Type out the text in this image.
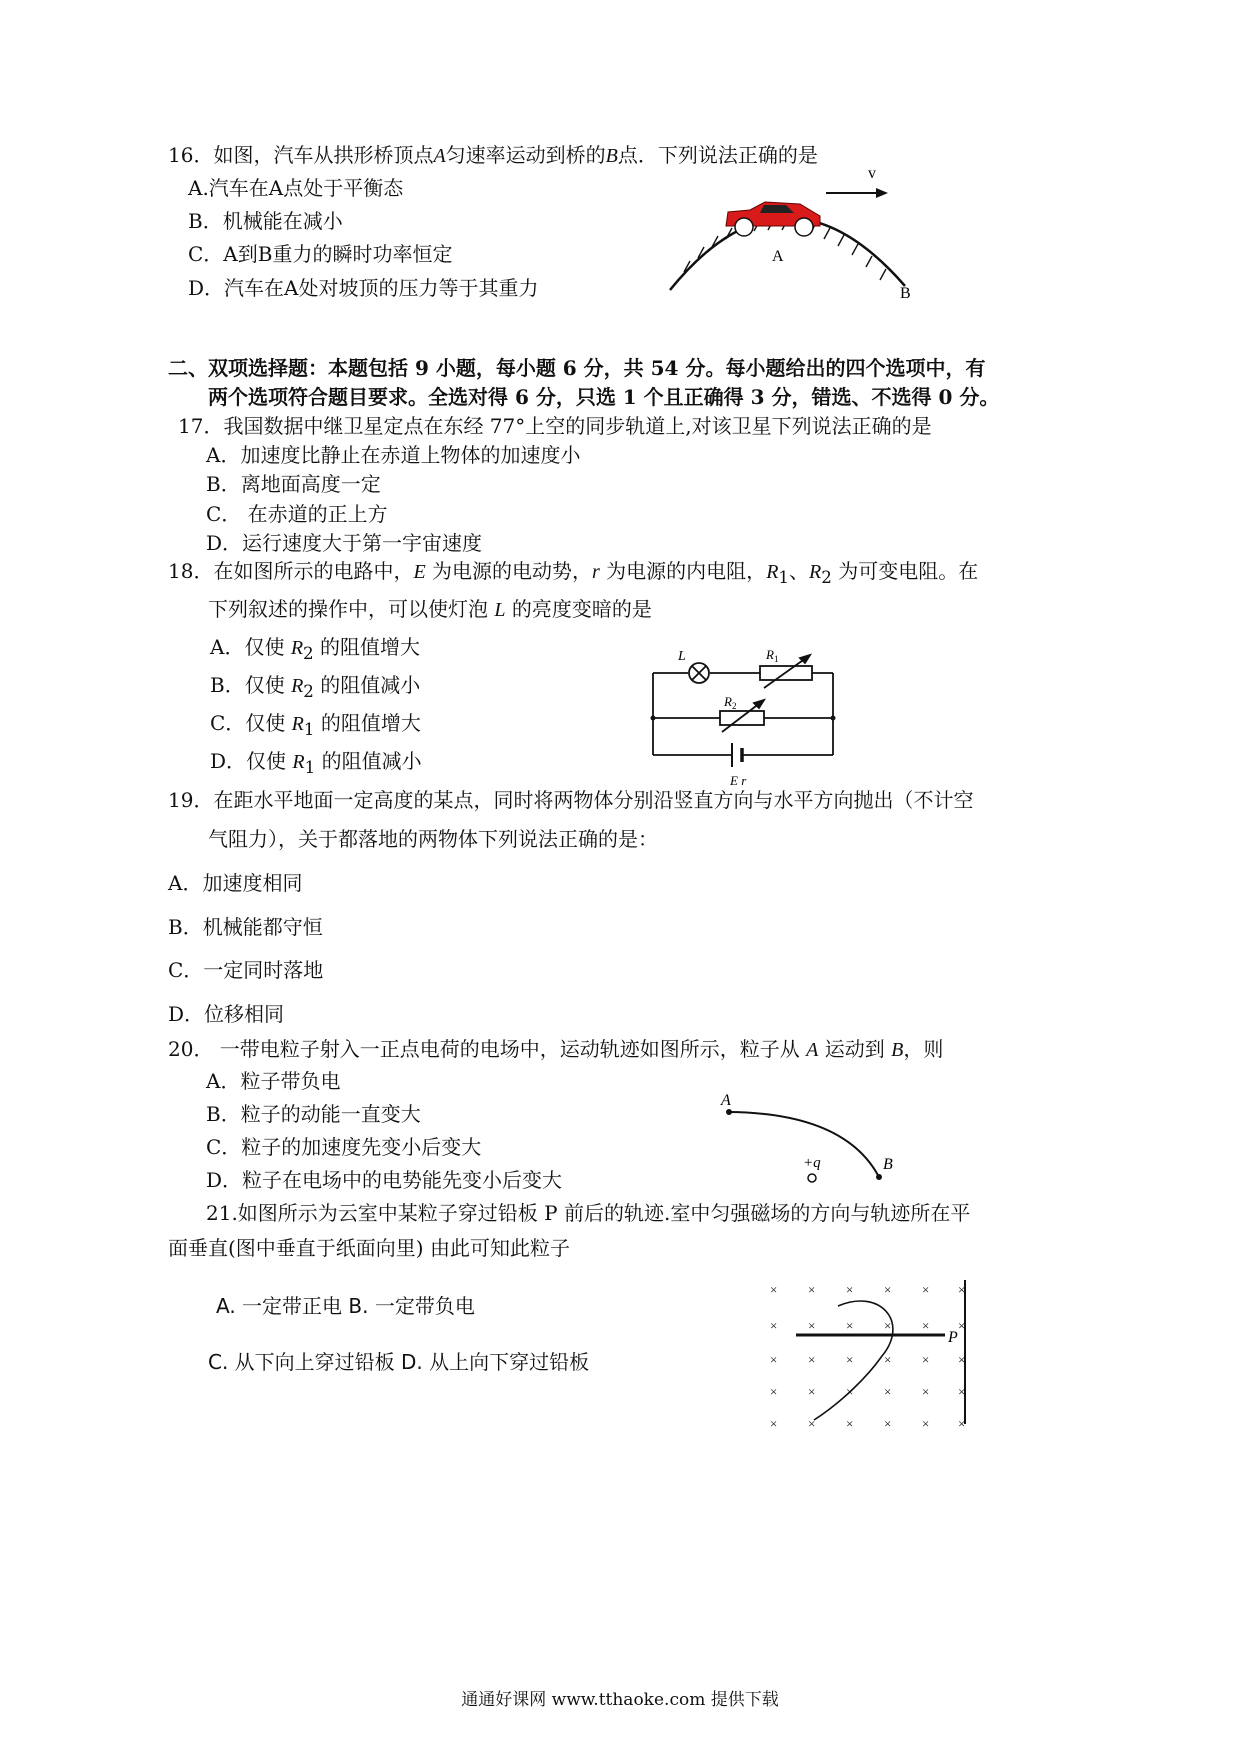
16．如图，汽车从拱形桥顶点A匀速率运动到桥的B点．下列说法正确的是
A.汽车在A点处于平衡态
B．机械能在减小
C．A到B重力的瞬时功率恒定
D．汽车在A处对坡顶的压力等于其重力
v
A
B
二、双项选择题：本题包括 9 小题，每小题 6 分，共 54 分。每小题给出的四个选项中，有
两个选项符合题目要求。全选对得 6 分，只选 1 个且正确得 3 分，错选、不选得 0 分。
17．我国数据中继卫星定点在东经 77°上空的同步轨道上,对该卫星下列说法正确的是
A．加速度比静止在赤道上物体的加速度小
B．离地面高度一定
C． 在赤道的正上方
D．运行速度大于第一宇宙速度
18．在如图所示的电路中，E 为电源的电动势，r 为电源的内电阻，$R_1$、$R_2$ 为可变电阻。在
下列叙述的操作中，可以使灯泡 L 的亮度变暗的是
A．仅使 $R_2$ 的阻值增大
B．仅使 $R_2$ 的阻值减小
C．仅使 $R_1$ 的阻值增大
D．仅使 $R_1$ 的阻值减小
L	$R_1$
$R_2$
E r
19．在距水平地面一定高度的某点，同时将两物体分别沿竖直方向与水平方向抛出（不计空
气阻力），关于都落地的两物体下列说法正确的是：
A．加速度相同
B．机械能都守恒
C．一定同时落地
D．位移相同
20． 一带电粒子射入一正点电荷的电场中，运动轨迹如图所示，粒子从 A 运动到 B，则
A．粒子带负电
B．粒子的动能一直变大
C．粒子的加速度先变小后变大
D．粒子在电场中的电势能先变小后变大
A
B
+q
21.如图所示为云室中某粒子穿过铅板 P 前后的轨迹.室中匀强磁场的方向与轨迹所在平
面垂直(图中垂直于纸面向里) 由此可知此粒子
A. 一定带正电 B. 一定带负电
C. 从下向上穿过铅板 D. 从上向下穿过铅板
× × × × × ×
× × × × × ×
× × × × × ×
× × × × × ×
× × × × × ×
P
通通好课网 www.tthaoke.com 提供下载
